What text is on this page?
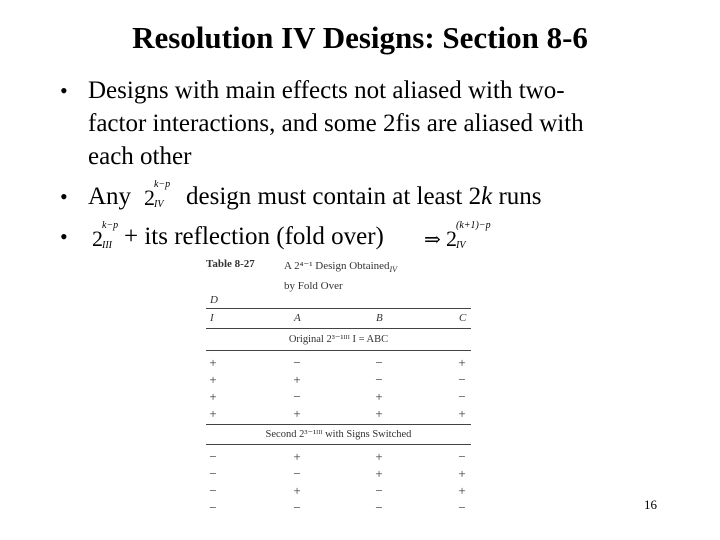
Resolution IV Designs: Section 8-6
• Designs with main effects not aliased with two-
factor interactions, and some 2fis are aliased with
each other
• Any 2
k−p
IV design must contain at least 2k runs
• 2
k−p
III + its reflection (fold over) ⇒ 2
(k+1)−p
IV
Table 8-27	A 2⁴⁻¹ Design Obtained$_{IV}$
by Fold Over
D
I	A	B	C
Original 2³⁻¹ᴵᴵᴵ I = ABC
+	−	−	+
+	+	−	−
+	−	+	−
+	+	+	+
Second 2³⁻¹ᴵᴵᴵ with Signs Switched
−	+	+	−
−	−	+	+
−	+	−	+
−	−	−	−	16
